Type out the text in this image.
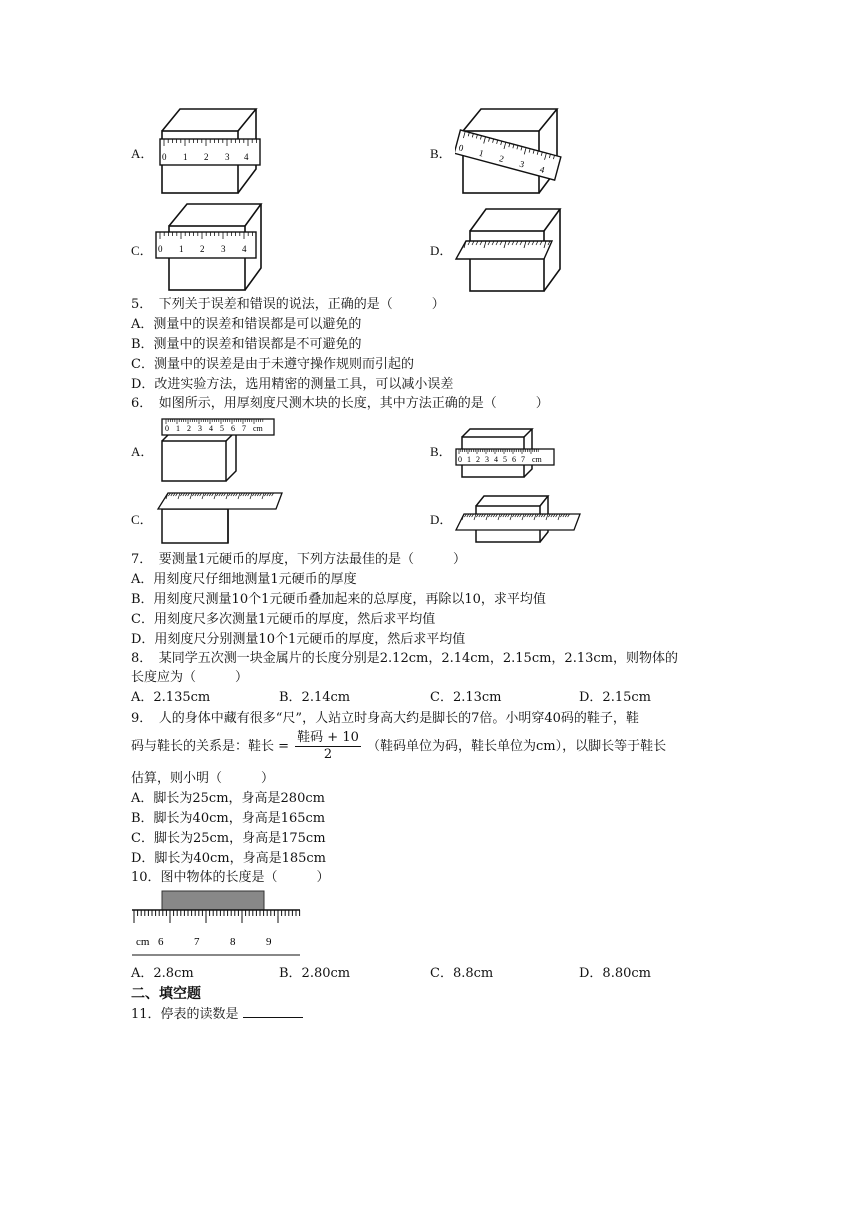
A． 0 1 2 3 4	B． 0
1
2
3
4
C． 0 1 2 3 4	D．
5．　下列关于误差和错误的说法，正确的是（　　　）
A．测量中的误差和错误都是可以避免的
B．测量中的误差和错误都是不可避免的
C．测量中的误差是由于未遵守操作规则而引起的
D．改进实验方法，选用精密的测量工具，可以减小误差
6．　如图所示，用厚刻度尺测木块的长度，其中方法正确的是（　　　）
A．
0 1 2 3 4 5 6 7 cm
B．
0 1 2 3 4 5 6 7 cm
C．	D．
7．　要测量1元硬币的厚度，下列方法最佳的是（　　　）
A．用刻度尺仔细地测量1元硬币的厚度
B．用刻度尺测量10个1元硬币叠加起来的总厚度，再除以10，求平均值
C．用刻度尺多次测量1元硬币的厚度，然后求平均值
D．用刻度尺分别测量10个1元硬币的厚度，然后求平均值
8．　某同学五次测一块金属片的长度分别是2.12cm，2.14cm，2.15cm，2.13cm，则物体的
长度应为（　　　）
A．2.135cm	B．2.14cm	C．2.13cm	D．2.15cm
9．　人的身体中藏有很多“尺”，人站立时身高大约是脚长的7倍。小明穿40码的鞋子，鞋
码与鞋长的关系是：鞋长 = $\frac{\text{鞋码 + 10}}{2}$ （鞋码单位为码，鞋长单位为cm），以脚长等于鞋长
估算，则小明（　　　）
A．脚长为25cm，身高是280cm
B．脚长为40cm，身高是165cm
C．脚长为25cm，身高是175cm
D．脚长为40cm，身高是185cm
10．图中物体的长度是（　　　）
cm 6	7	8	9
A．2.8cm	B．2.80cm	C．8.8cm	D．8.80cm
二、填空题
11．停表的读数是
